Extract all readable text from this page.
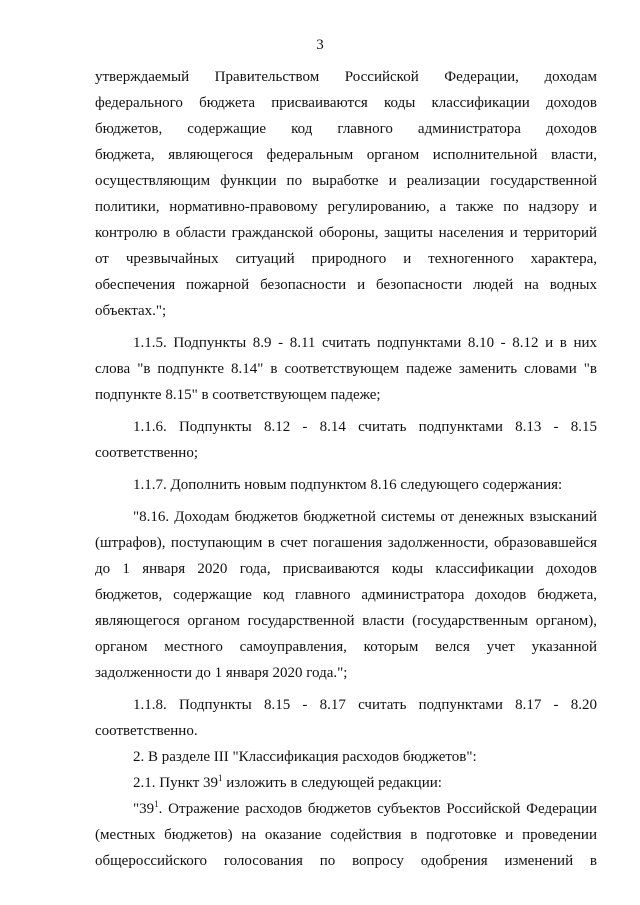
3
утверждаемый Правительством Российской Федерации, доходам
федерального бюджета присваиваются коды классификации доходов
бюджетов, содержащие код главного администратора доходов
бюджета, являющегося федеральным органом исполнительной власти,
осуществляющим функции по выработке и реализации государственной
политики, нормативно-правовому регулированию, а также по надзору и
контролю в области гражданской обороны, защиты населения и территорий
от чрезвычайных ситуаций природного и техногенного характера,
обеспечения пожарной безопасности и безопасности людей на водных
объектах.";
1.1.5. Подпункты 8.9 - 8.11 считать подпунктами 8.10 - 8.12 и в них
слова "в подпункте 8.14" в соответствующем падеже заменить словами "в
подпункте 8.15" в соответствующем падеже;
1.1.6. Подпункты 8.12 - 8.14 считать подпунктами 8.13 - 8.15
соответственно;
1.1.7. Дополнить новым подпунктом 8.16 следующего содержания:
"8.16. Доходам бюджетов бюджетной системы от денежных взысканий
(штрафов), поступающим в счет погашения задолженности, образовавшейся
до 1 января 2020 года, присваиваются коды классификации доходов
бюджетов, содержащие код главного администратора доходов бюджета,
являющегося органом государственной власти (государственным органом),
органом местного самоуправления, которым велся учет указанной
задолженности до 1 января 2020 года.";
1.1.8. Подпункты 8.15 - 8.17 считать подпунктами 8.17 - 8.20
соответственно.
2. В разделе III "Классификация расходов бюджетов":
2.1. Пункт $39^1$ изложить в следующей редакции:
"$39^1$. Отражение расходов бюджетов субъектов Российской Федерации
(местных бюджетов) на оказание содействия в подготовке и проведении
общероссийского голосования по вопросу одобрения изменений в
